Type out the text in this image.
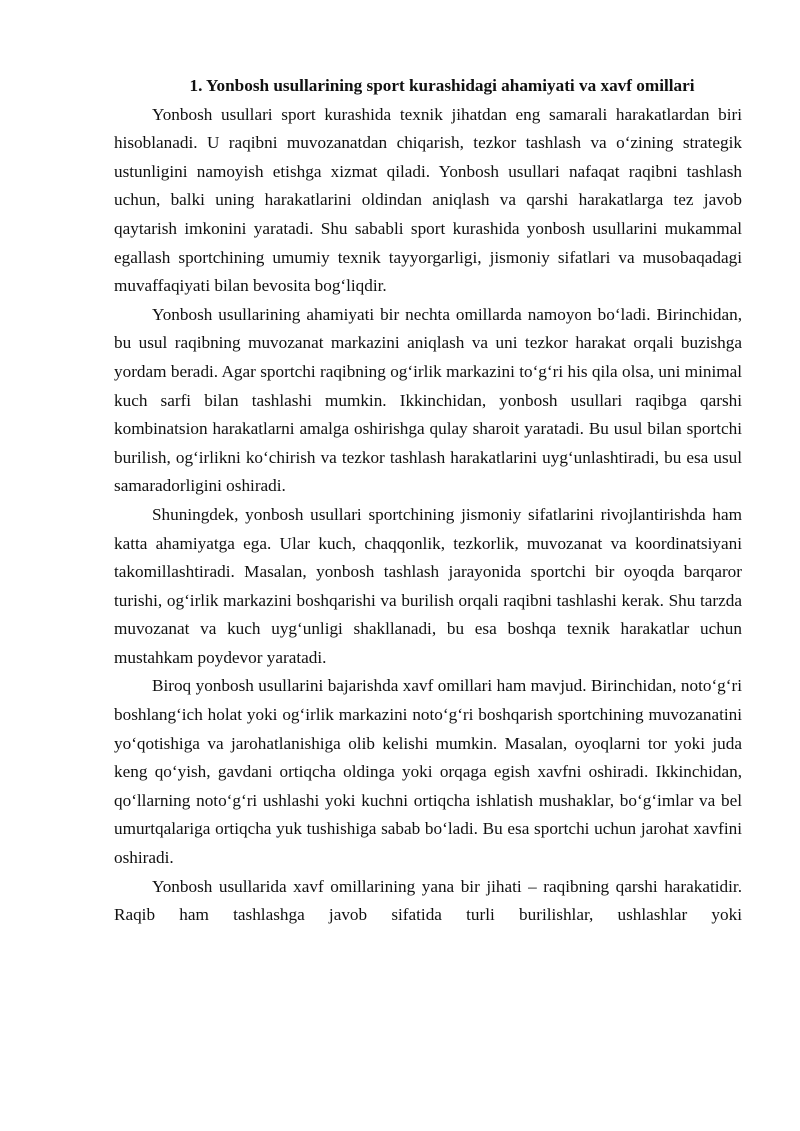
1. Yonbosh usullarining sport kurashidagi ahamiyati va xavf omillari

Yonbosh usullari sport kurashida texnik jihatdan eng samarali harakatlardan biri hisoblanadi. U raqibni muvozanatdan chiqarish, tezkor tashlash va o‘zining strategik ustunligini namoyish etishga xizmat qiladi. Yonbosh usullari nafaqat raqibni tashlash uchun, balki uning harakatlarini oldindan aniqlash va qarshi harakatlarga tez javob qaytarish imkonini yaratadi. Shu sababli sport kurashida yonbosh usullarini mukammal egallash sportchining umumiy texnik tayyorgarligi, jismoniy sifatlari va musobaqadagi muvaffaqiyati bilan bevosita bog‘liqdir.

Yonbosh usullarining ahamiyati bir nechta omillarda namoyon bo‘ladi. Birinchidan, bu usul raqibning muvozanat markazini aniqlash va uni tezkor harakat orqali buzishga yordam beradi. Agar sportchi raqibning og‘irlik markazini to‘g‘ri his qila olsa, uni minimal kuch sarfi bilan tashlashi mumkin. Ikkinchidan, yonbosh usullari raqibga qarshi kombinatsion harakatlarni amalga oshirishga qulay sharoit yaratadi. Bu usul bilan sportchi burilish, og‘irlikni ko‘chirish va tezkor tashlash harakatlarini uyg‘unlashtiradi, bu esa usul samaradorligini oshiradi.

Shuningdek, yonbosh usullari sportchining jismoniy sifatlarini rivojlantirishda ham katta ahamiyatga ega. Ular kuch, chaqqonlik, tezkorlik, muvozanat va koordinatsiyani takomillashtiradi. Masalan, yonbosh tashlash jarayonida sportchi bir oyoqda barqaror turishi, og‘irlik markazini boshqarishi va burilish orqali raqibni tashlashi kerak. Shu tarzda muvozanat va kuch uyg‘unligi shakllanadi, bu esa boshqa texnik harakatlar uchun mustahkam poydevor yaratadi.

Biroq yonbosh usullarini bajarishda xavf omillari ham mavjud. Birinchidan, noto‘g‘ri boshlang‘ich holat yoki og‘irlik markazini noto‘g‘ri boshqarish sportchining muvozanatini yo‘qotishiga va jarohatlanishiga olib kelishi mumkin. Masalan, oyoqlarni tor yoki juda keng qo‘yish, gavdani ortiqcha oldinga yoki orqaga egish xavfni oshiradi. Ikkinchidan, qo‘llarning noto‘g‘ri ushlashi yoki kuchni ortiqcha ishlatish mushaklar, bo‘g‘imlar va bel umurtqalariga ortiqcha yuk tushishiga sabab bo‘ladi. Bu esa sportchi uchun jarohat xavfini oshiradi.

Yonbosh usullarida xavf omillarining yana bir jihati – raqibning qarshi harakatidir. Raqib ham tashlashga javob sifatida turli burilishlar, ushlashlar yoki
